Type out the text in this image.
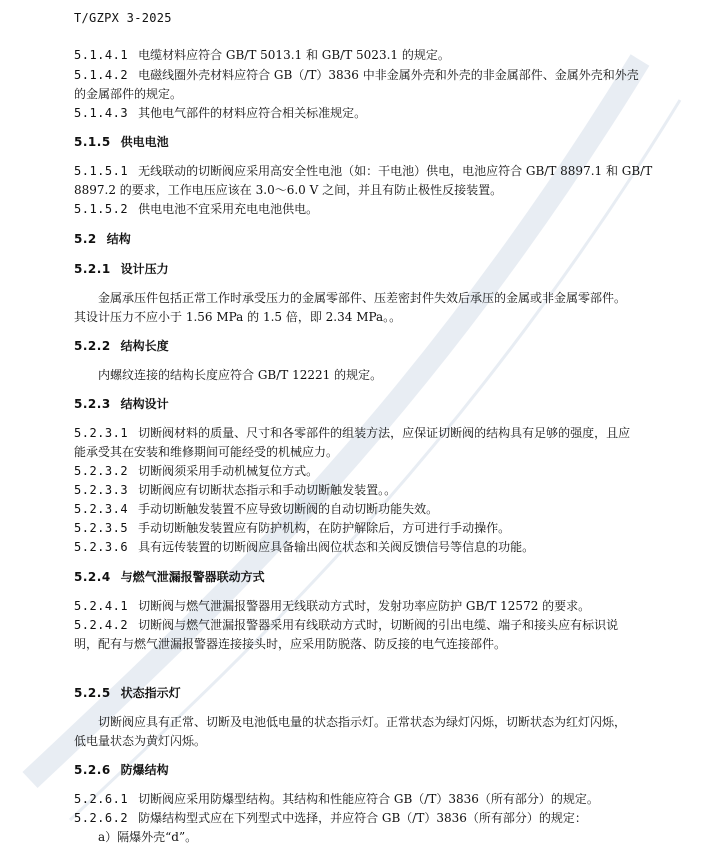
T/GZPX 3-2025
5.1.4.1 电缆材料应符合 GB/T 5013.1 和 GB/T 5023.1 的规定。
5.1.4.2 电磁线圈外壳材料应符合 GB（/T）3836 中非金属外壳和外壳的非金属部件、金属外壳和外壳
的金属部件的规定。
5.1.4.3 其他电气部件的材料应符合相关标准规定。
5.1.5 供电电池
5.1.5.1 无线联动的切断阀应采用高安全性电池（如：干电池）供电，电池应符合 GB/T 8897.1 和 GB/T
8897.2 的要求，工作电压应该在 3.0～6.0 V 之间，并且有防止极性反接装置。
5.1.5.2 供电电池不宜采用充电电池供电。
5.2 结构
5.2.1 设计压力
金属承压件包括正常工作时承受压力的金属零部件、压差密封件失效后承压的金属或非金属零部件。
其设计压力不应小于 1.56 MPa 的 1.5 倍，即 2.34 MPa。。
5.2.2 结构长度
内螺纹连接的结构长度应符合 GB/T 12221 的规定。
5.2.3 结构设计
5.2.3.1 切断阀材料的质量、尺寸和各零部件的组装方法，应保证切断阀的结构具有足够的强度，且应
能承受其在安装和维修期间可能经受的机械应力。
5.2.3.2 切断阀须采用手动机械复位方式。
5.2.3.3 切断阀应有切断状态指示和手动切断触发装置。。
5.2.3.4 手动切断触发装置不应导致切断阀的自动切断功能失效。
5.2.3.5 手动切断触发装置应有防护机构，在防护解除后，方可进行手动操作。
5.2.3.6 具有远传装置的切断阀应具备输出阀位状态和关阀反馈信号等信息的功能。
5.2.4 与燃气泄漏报警器联动方式
5.2.4.1 切断阀与燃气泄漏报警器用无线联动方式时，发射功率应防护 GB/T 12572 的要求。
5.2.4.2 切断阀与燃气泄漏报警器采用有线联动方式时，切断阀的引出电缆、端子和接头应有标识说
明，配有与燃气泄漏报警器连接接头时，应采用防脱落、防反接的电气连接部件。
5.2.5 状态指示灯
切断阀应具有正常、切断及电池低电量的状态指示灯。正常状态为绿灯闪烁，切断状态为红灯闪烁，
低电量状态为黄灯闪烁。
5.2.6 防爆结构
5.2.6.1 切断阀应采用防爆型结构。其结构和性能应符合 GB（/T）3836（所有部分）的规定。
5.2.6.2 防爆结构型式应在下列型式中选择，并应符合 GB（/T）3836（所有部分）的规定：
a）隔爆外壳“d”。
